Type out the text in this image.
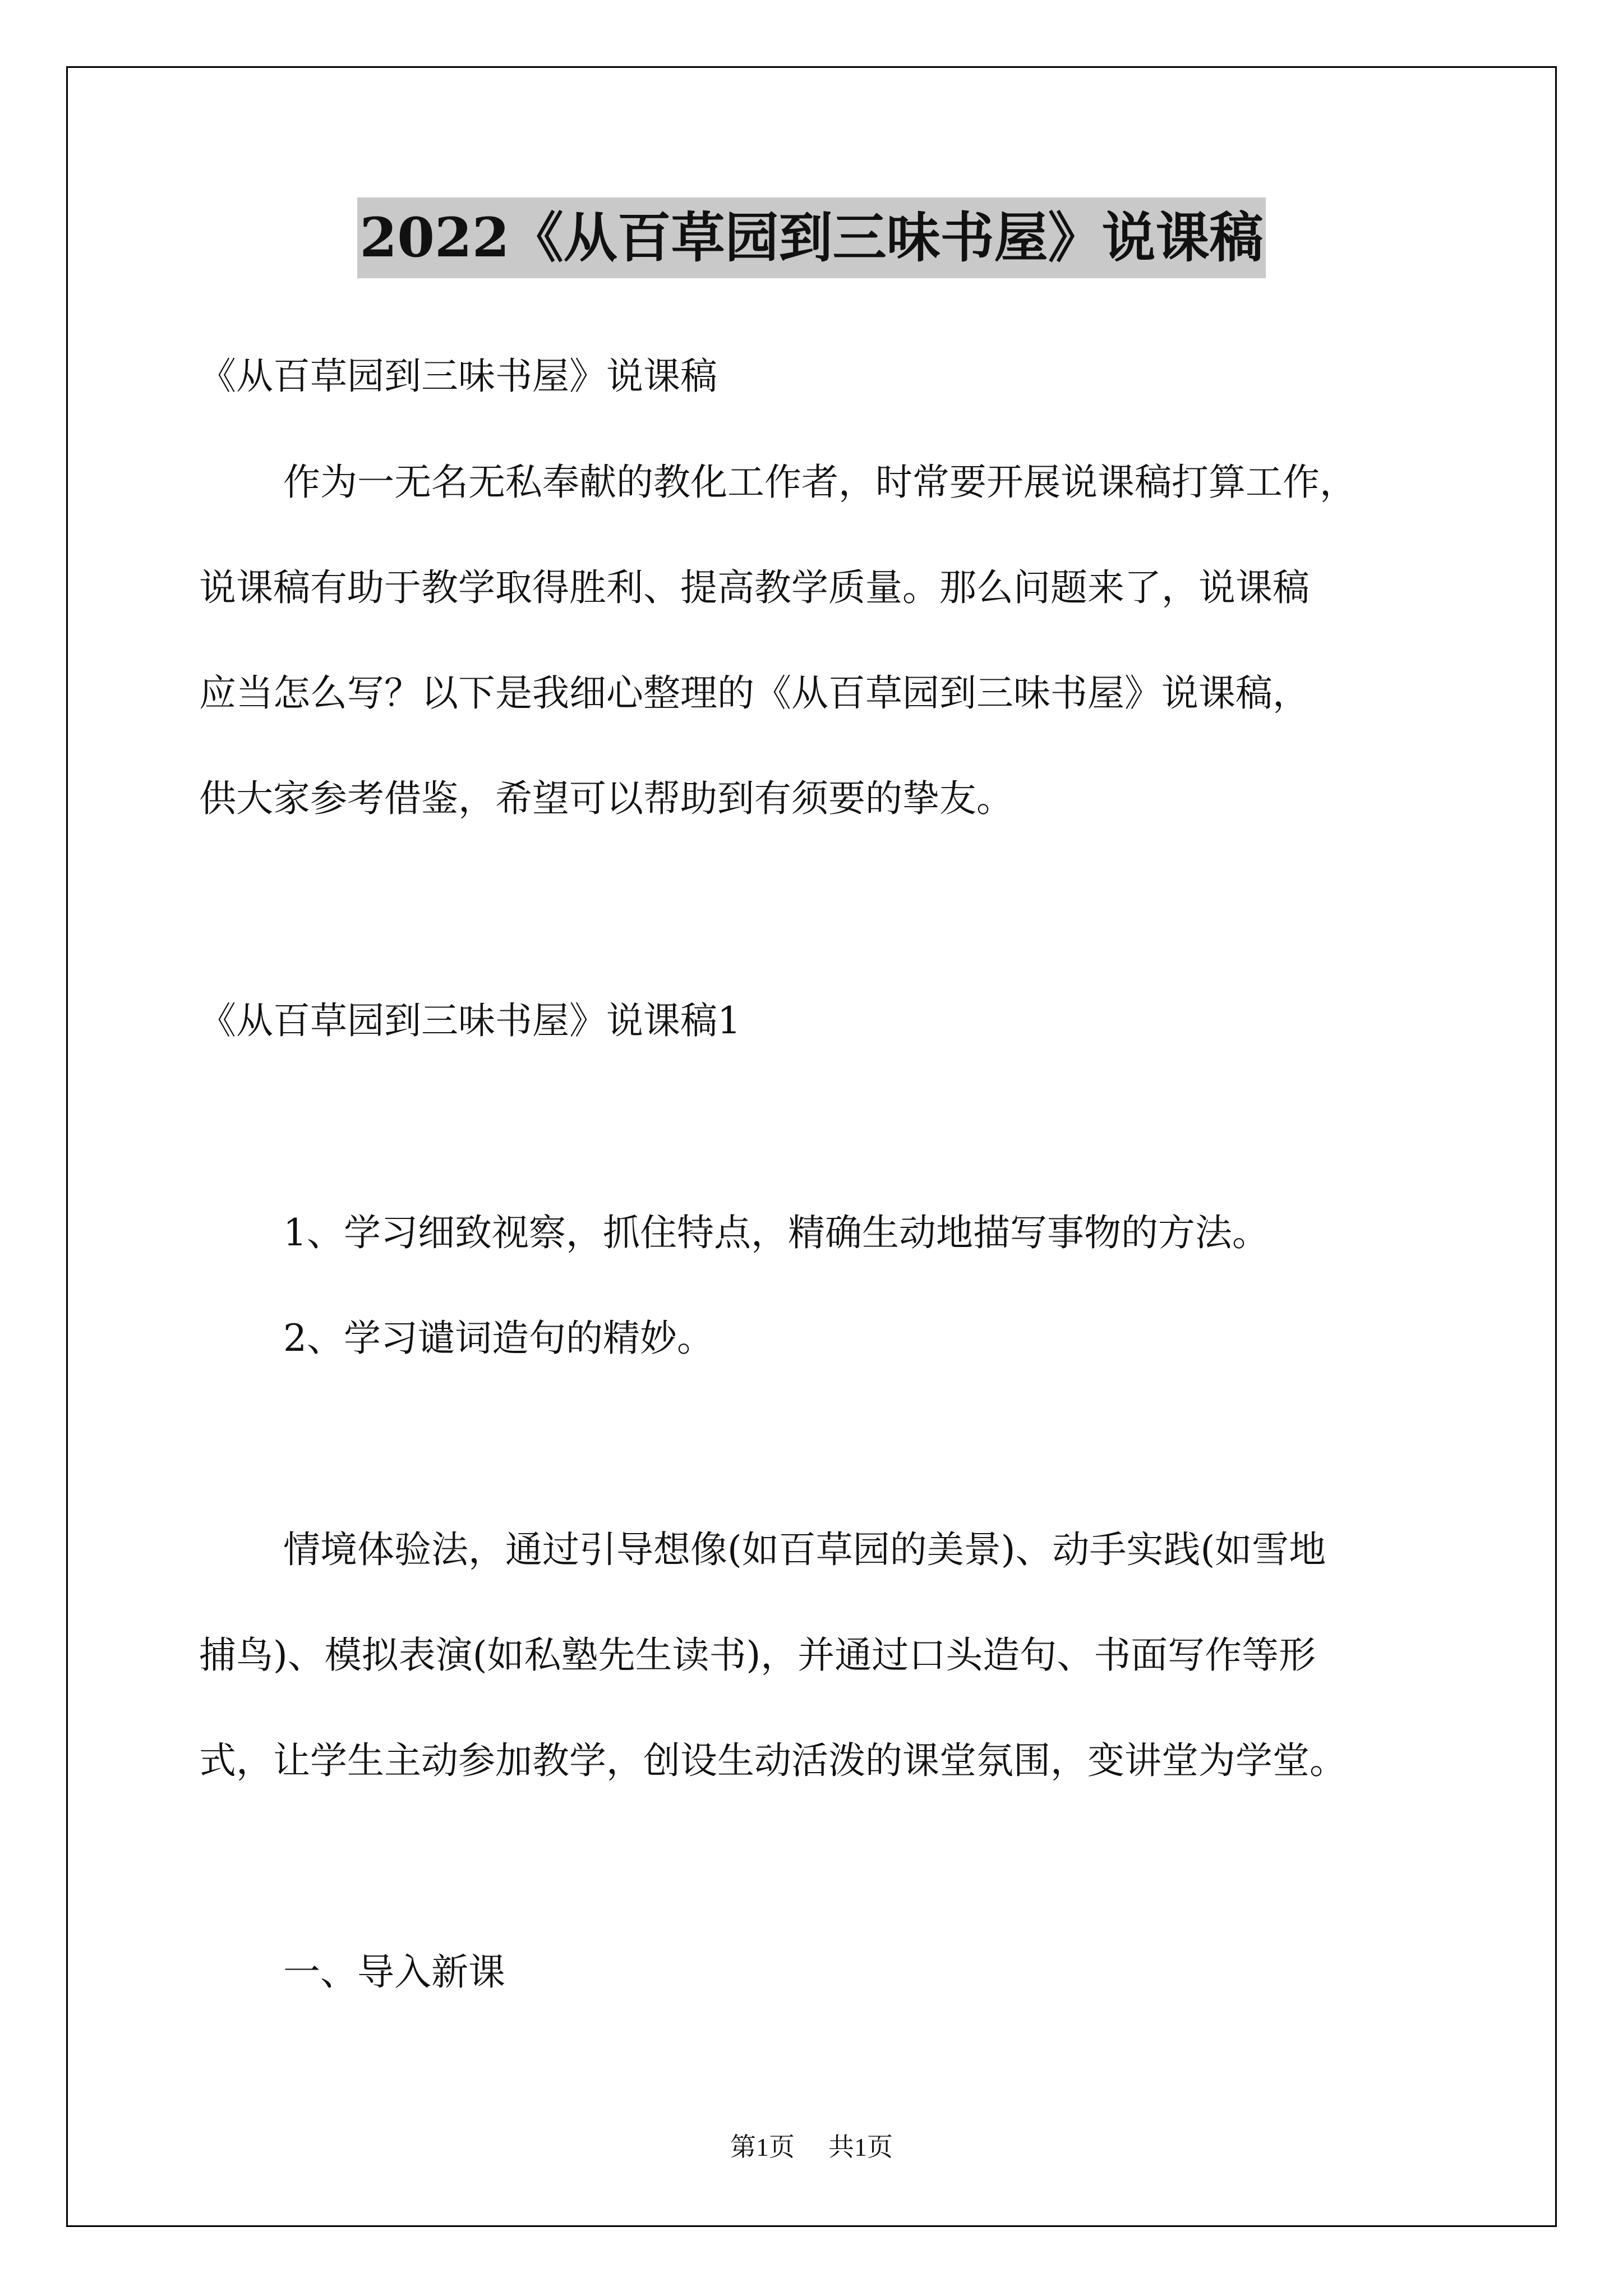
2022《从百草园到三味书屋》说课稿
《从百草园到三味书屋》说课稿
作为一无名无私奉献的教化工作者，时常要开展说课稿打算工作，
说课稿有助于教学取得胜利、提高教学质量。那么问题来了，说课稿
应当怎么写？以下是我细心整理的《从百草园到三味书屋》说课稿，
供大家参考借鉴，希望可以帮助到有须要的挚友。
《从百草园到三味书屋》说课稿1
1、学习细致视察，抓住特点，精确生动地描写事物的方法。
2、学习谴词造句的精妙。
情境体验法，通过引导想像(如百草园的美景)、动手实践(如雪地
捕鸟)、模拟表演(如私塾先生读书)，并通过口头造句、书面写作等形
式，让学生主动参加教学，创设生动活泼的课堂氛围，变讲堂为学堂。
一、导入新课
第1页 共1页
